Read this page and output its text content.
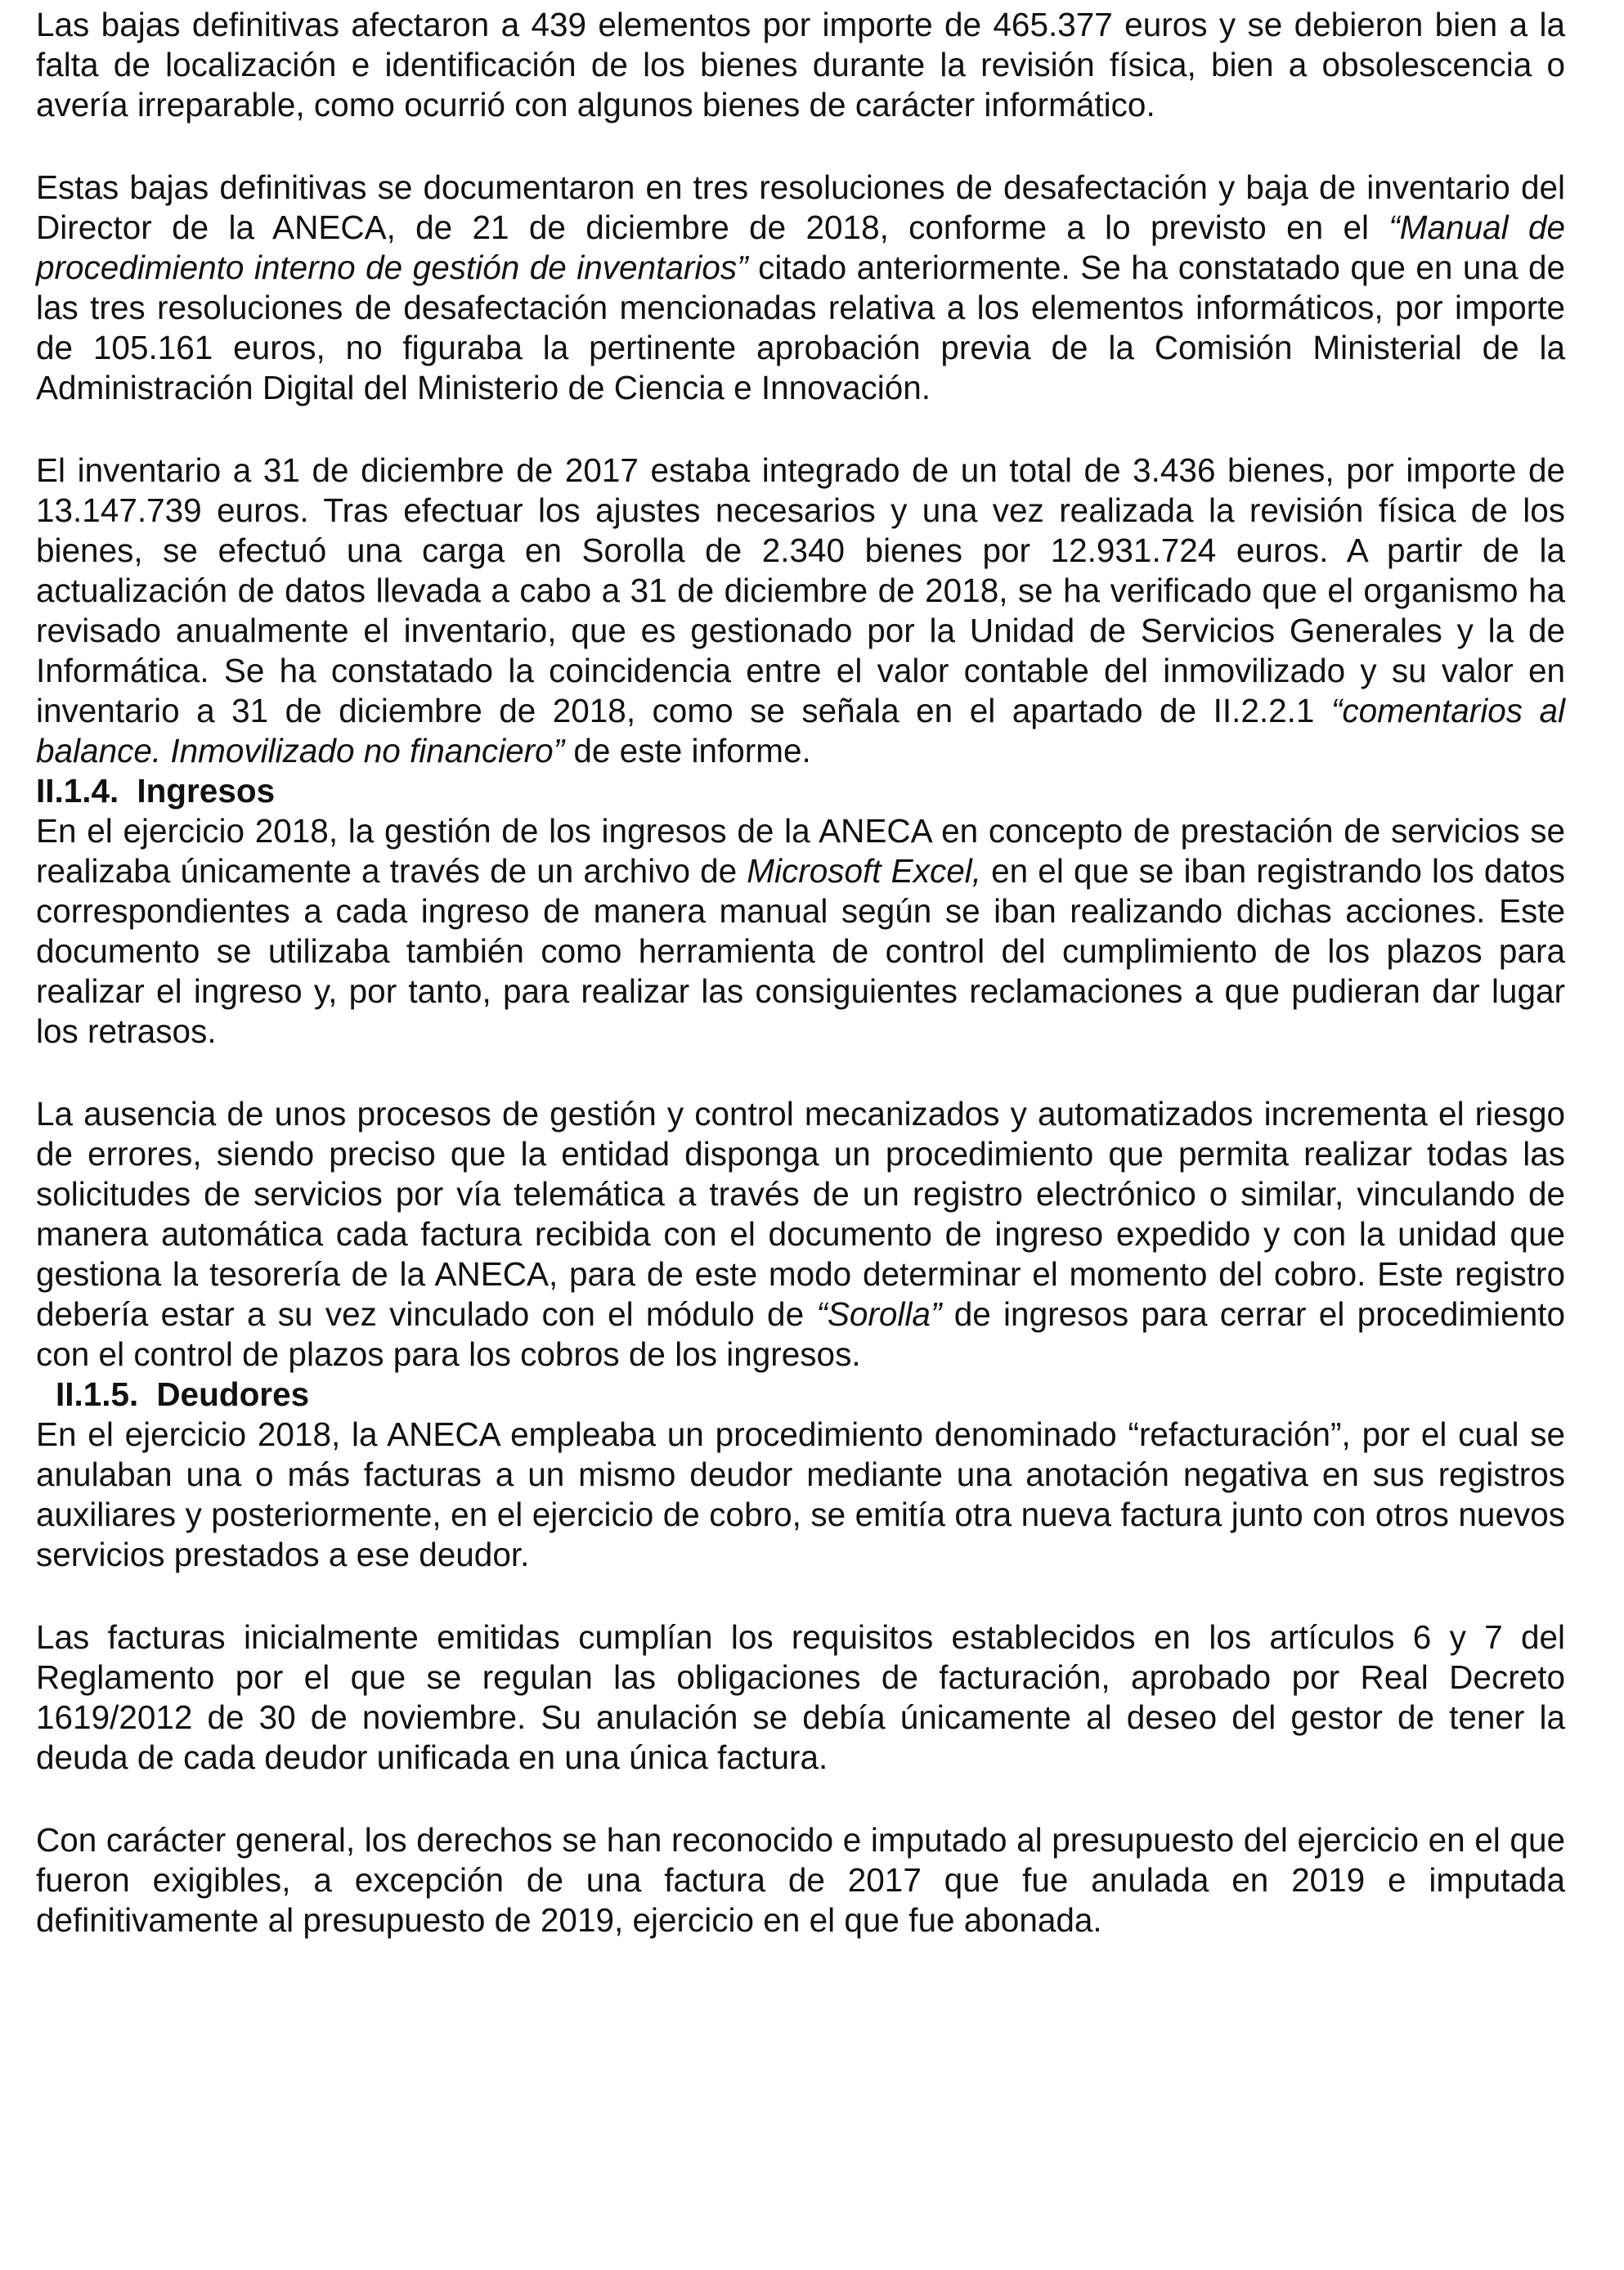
Las bajas definitivas afectaron a 439 elementos por importe de 465.377 euros y se debieron bien a la falta de localización e identificación de los bienes durante la revisión física, bien a obsolescencia o avería irreparable, como ocurrió con algunos bienes de carácter informático.

Estas bajas definitivas se documentaron en tres resoluciones de desafectación y baja de inventario del Director de la ANECA, de 21 de diciembre de 2018, conforme a lo previsto en el “Manual de procedimiento interno de gestión de inventarios” citado anteriormente. Se ha constatado que en una de las tres resoluciones de desafectación mencionadas relativa a los elementos informáticos, por importe de 105.161 euros, no figuraba la pertinente aprobación previa de la Comisión Ministerial de la Administración Digital del Ministerio de Ciencia e Innovación.

El inventario a 31 de diciembre de 2017 estaba integrado de un total de 3.436 bienes, por importe de 13.147.739 euros. Tras efectuar los ajustes necesarios y una vez realizada la revisión física de los bienes, se efectuó una carga en Sorolla de 2.340 bienes por 12.931.724 euros. A partir de la actualización de datos llevada a cabo a 31 de diciembre de 2018, se ha verificado que el organismo ha revisado anualmente el inventario, que es gestionado por la Unidad de Servicios Generales y la de Informática. Se ha constatado la coincidencia entre el valor contable del inmovilizado y su valor en inventario a 31 de diciembre de 2018, como se señala en el apartado de II.2.2.1 “comentarios al balance. Inmovilizado no financiero” de este informe.

II.1.4. Ingresos

En el ejercicio 2018, la gestión de los ingresos de la ANECA en concepto de prestación de servicios se realizaba únicamente a través de un archivo de Microsoft Excel, en el que se iban registrando los datos correspondientes a cada ingreso de manera manual según se iban realizando dichas acciones. Este documento se utilizaba también como herramienta de control del cumplimiento de los plazos para realizar el ingreso y, por tanto, para realizar las consiguientes reclamaciones a que pudieran dar lugar los retrasos.

La ausencia de unos procesos de gestión y control mecanizados y automatizados incrementa el riesgo de errores, siendo preciso que la entidad disponga un procedimiento que permita realizar todas las solicitudes de servicios por vía telemática a través de un registro electrónico o similar, vinculando de manera automática cada factura recibida con el documento de ingreso expedido y con la unidad que gestiona la tesorería de la ANECA, para de este modo determinar el momento del cobro. Este registro debería estar a su vez vinculado con el módulo de “Sorolla” de ingresos para cerrar el procedimiento con el control de plazos para los cobros de los ingresos.

II.1.5. Deudores

En el ejercicio 2018, la ANECA empleaba un procedimiento denominado “refacturación”, por el cual se anulaban una o más facturas a un mismo deudor mediante una anotación negativa en sus registros auxiliares y posteriormente, en el ejercicio de cobro, se emitía otra nueva factura junto con otros nuevos servicios prestados a ese deudor.

Las facturas inicialmente emitidas cumplían los requisitos establecidos en los artículos 6 y 7 del Reglamento por el que se regulan las obligaciones de facturación, aprobado por Real Decreto 1619/2012 de 30 de noviembre. Su anulación se debía únicamente al deseo del gestor de tener la deuda de cada deudor unificada en una única factura.

Con carácter general, los derechos se han reconocido e imputado al presupuesto del ejercicio en el que fueron exigibles, a excepción de una factura de 2017 que fue anulada en 2019 e imputada definitivamente al presupuesto de 2019, ejercicio en el que fue abonada.
